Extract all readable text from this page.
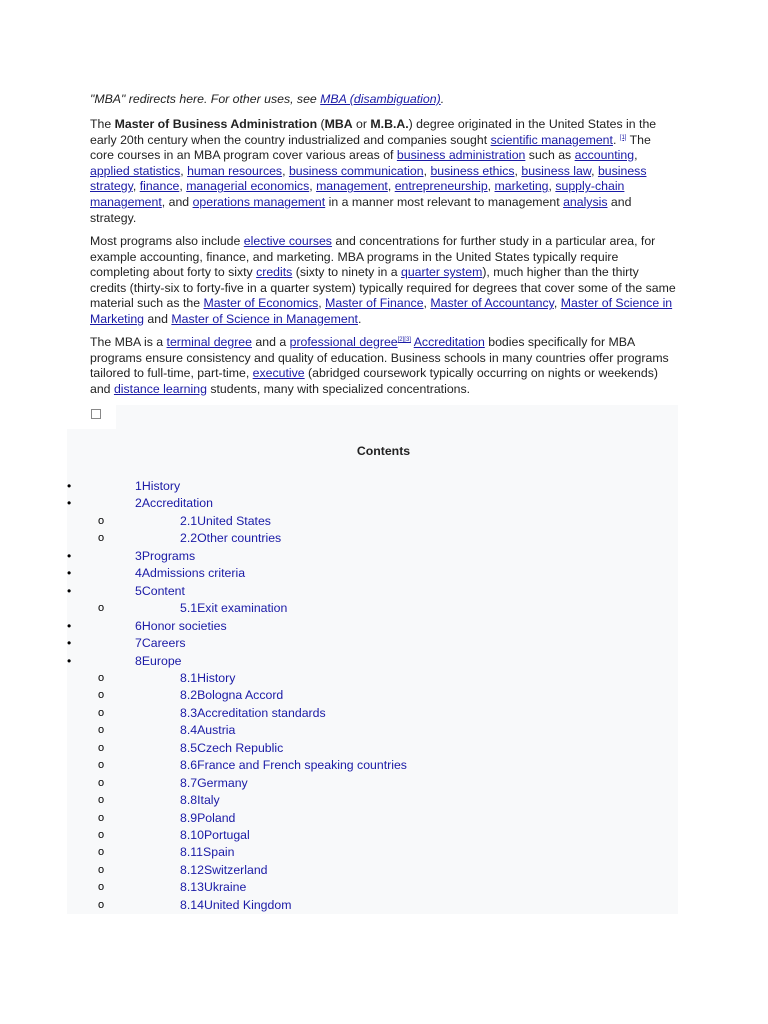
"MBA" redirects here. For other uses, see MBA (disambiguation).

The Master of Business Administration (MBA or M.B.A.) degree originated in the United States in the early 20th century when the country industrialized and companies sought scientific management. [1] The core courses in an MBA program cover various areas of business administration such as accounting, applied statistics, human resources, business communication, business ethics, business law, business strategy, finance, managerial economics, management, entrepreneurship, marketing, supply-chain management, and operations management in a manner most relevant to management analysis and strategy.

Most programs also include elective courses and concentrations for further study in a particular area, for example accounting, finance, and marketing. MBA programs in the United States typically require completing about forty to sixty credits (sixty to ninety in a quarter system), much higher than the thirty credits (thirty-six to forty-five in a quarter system) typically required for degrees that cover some of the same material such as the Master of Economics, Master of Finance, Master of Accountancy, Master of Science in Marketing and Master of Science in Management.

The MBA is a terminal degree and a professional degree[2][3] Accreditation bodies specifically for MBA programs ensure consistency and quality of education. Business schools in many countries offer programs tailored to full-time, part-time, executive (abridged coursework typically occurring on nights or weekends) and distance learning students, many with specialized concentrations.

Contents
•	1History
•	2Accreditation
o	2.1United States
o	2.2Other countries
•	3Programs
•	4Admissions criteria
•	5Content
o	5.1Exit examination
•	6Honor societies
•	7Careers
•	8Europe
o	8.1History
o	8.2Bologna Accord
o	8.3Accreditation standards
o	8.4Austria
o	8.5Czech Republic
o	8.6France and French speaking countries
o	8.7Germany
o	8.8Italy
o	8.9Poland
o	8.10Portugal
o	8.11Spain
o	8.12Switzerland
o	8.13Ukraine
o	8.14United Kingdom
